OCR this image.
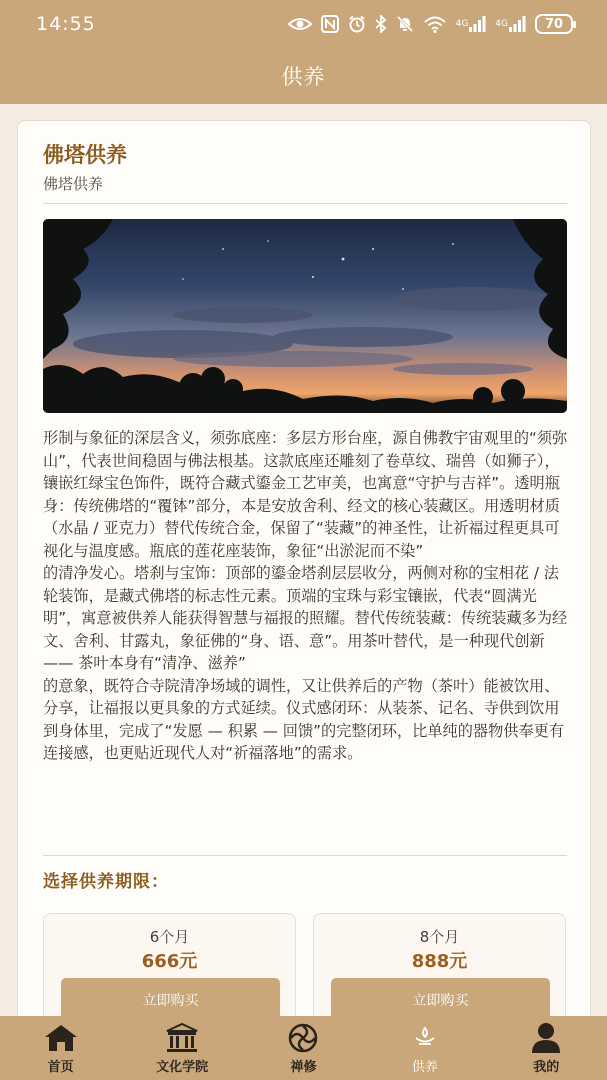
14:55	4G	4G	70
供养
佛塔供养
佛塔供养
形制与象征的深层含义，须弥底座：多层方形台座，源自佛教宇宙观里的“须弥山”，代表世间稳固与佛法根基。这款底座还雕刻了卷草纹、瑞兽（如狮子），镶嵌红绿宝色饰件，既符合藏式鎏金工艺审美，也寓意“守护与吉祥”。透明瓶身：传统佛塔的“覆钵”部分，本是安放舍利、经文的核心装藏区。用透明材质（水晶 / 亚克力）替代传统合金，保留了“装藏”的神圣性，让祈福过程更具可视化与温度感。瓶底的莲花座装饰，象征“出淤泥而不染”
的清净发心。塔刹与宝饰：顶部的鎏金塔刹层层收分，两侧对称的宝相花 / 法轮装饰，是藏式佛塔的标志性元素。顶端的宝珠与彩宝镶嵌，代表“圆满光明”，寓意被供养人能获得智慧与福报的照耀。替代传统装藏：传统装藏多为经文、舍利、甘露丸，象征佛的“身、语、意”。用茶叶替代，是一种现代创新 —— 茶叶本身有“清净、滋养”
的意象，既符合寺院清净场域的调性，又让供养后的产物（茶叶）能被饮用、分享，让福报以更具象的方式延续。仪式感闭环：从装茶、记名、寺供到饮用到身体里，完成了“发愿 — 积累 — 回馈”的完整闭环，比单纯的器物供奉更有连接感，也更贴近现代人对“祈福落地”的需求。
选择供养期限：
6个月
666元
立即购买
8个月
888元
立即购买
首页	文化学院	禅修	供养	我的
